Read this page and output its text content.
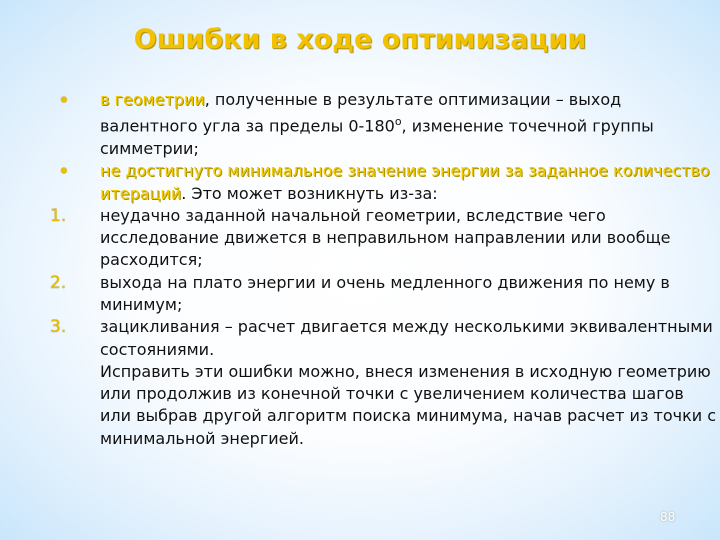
Ошибки в ходе оптимизации
•	в геометрии, полученные в результате оптимизации – выход валентного угла за пределы $0-180^о$, изменение точечной группы симметрии;
•	не достигнуто минимальное значение энергии за заданное количество итераций. Это может возникнуть из-за:
1.	неудачно заданной начальной геометрии, вследствие чего исследование движется в неправильном направлении или вообще расходится;
2.	выхода на плато энергии и очень медленного движения по нему в минимум;
3.	зацикливания – расчет двигается между несколькими эквивалентными состояниями.
Исправить эти ошибки можно, внеся изменения в исходную геометрию или продолжив из конечной точки с увеличением количества шагов или выбрав другой алгоритм поиска минимума, начав расчет из точки с минимальной энергией.
88
